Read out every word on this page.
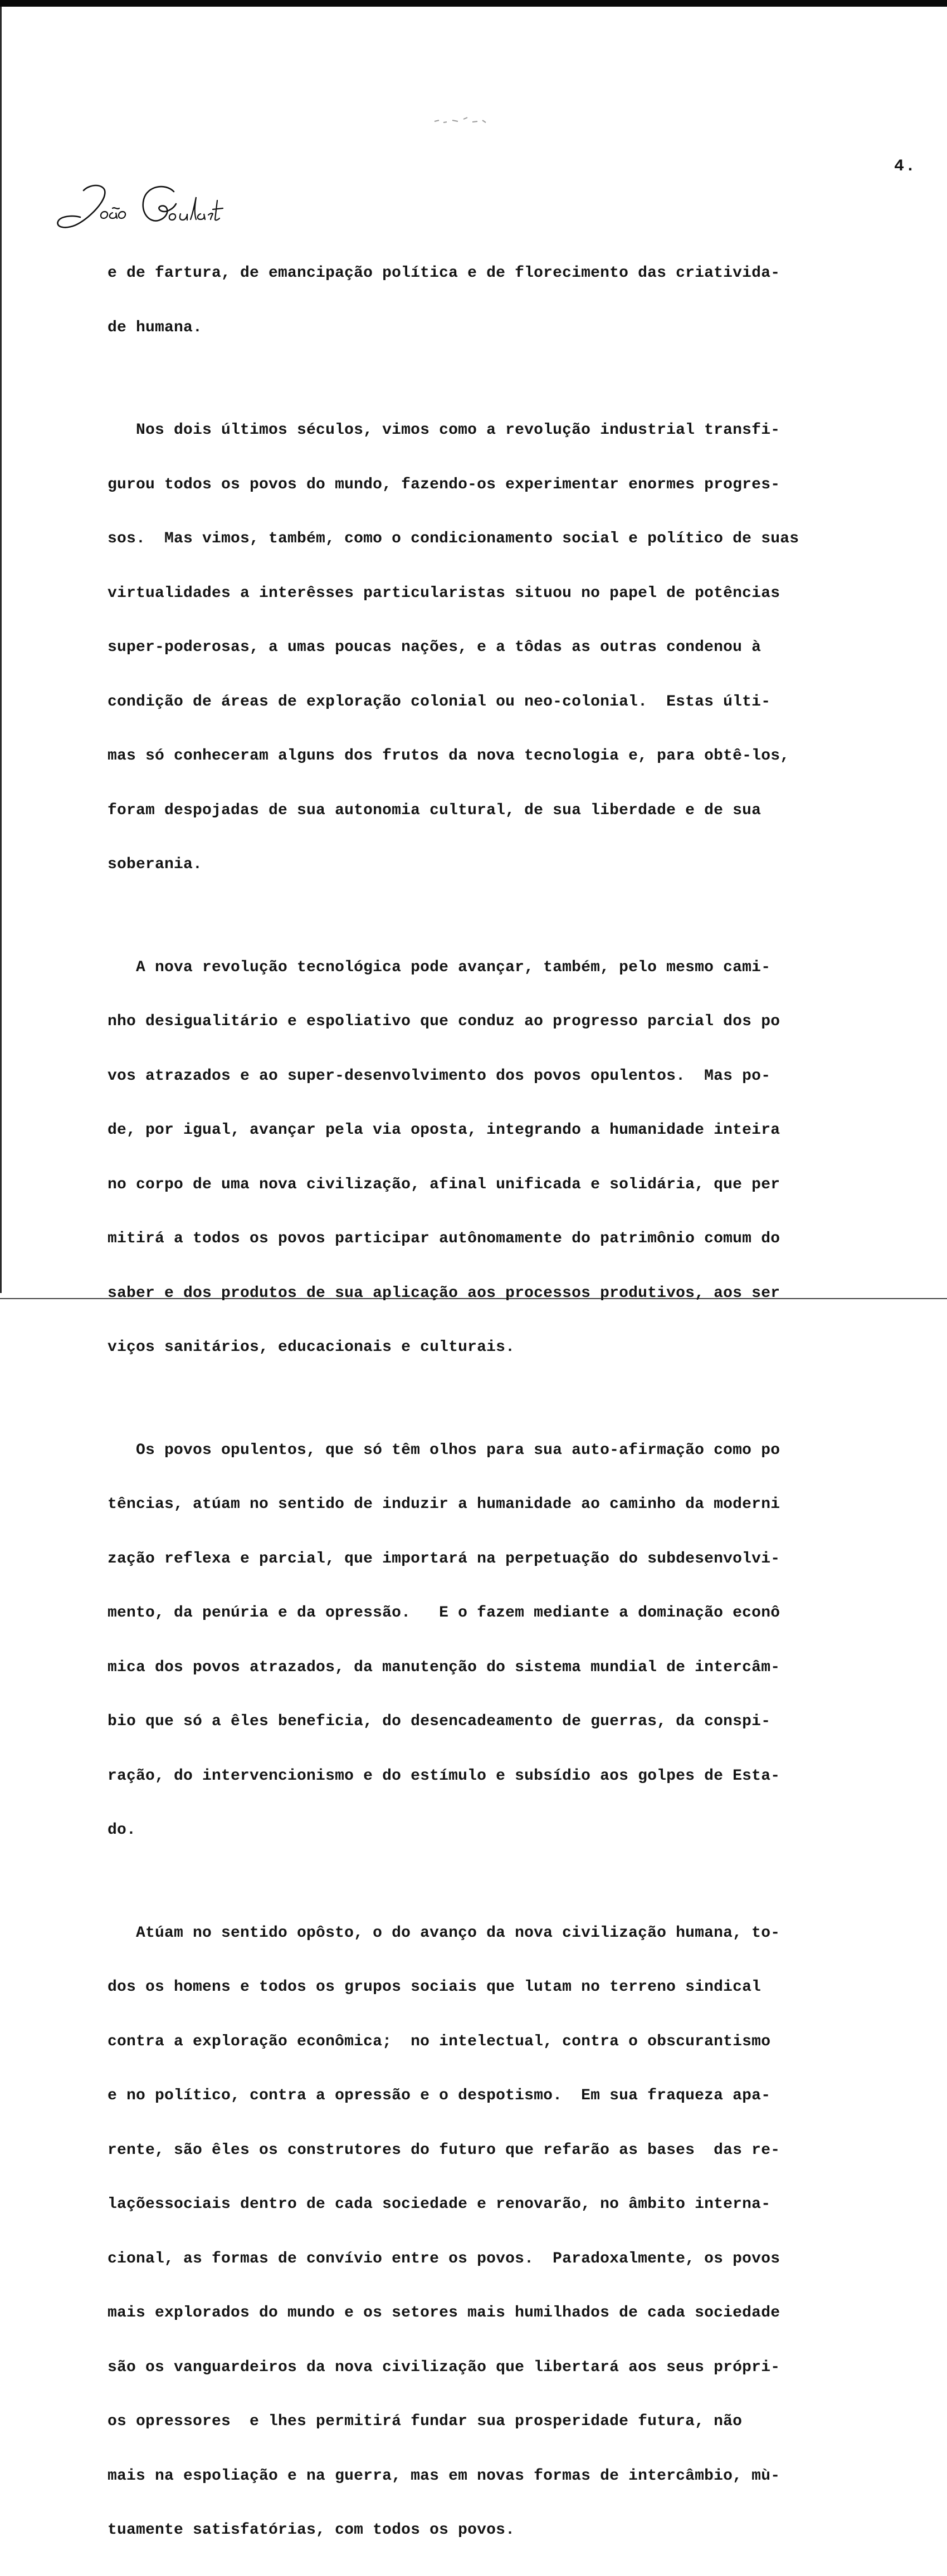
4.

e de fartura, de emancipação política e de florecimento das criativida-

de humana.

Nos dois últimos séculos, vimos como a revolução industrial transfi-

gurou todos os povos do mundo, fazendo-os experimentar enormes progres-

sos.  Mas vimos, também, como o condicionamento social e político de suas

virtualidades a interêsses particularistas situou no papel de potências

super-poderosas, a umas poucas nações, e a tôdas as outras condenou à

condição de áreas de exploração colonial ou neo-colonial.  Estas últi-

mas só conheceram alguns dos frutos da nova tecnologia e, para obtê-los,

foram despojadas de sua autonomia cultural, de sua liberdade e de sua

soberania.

A nova revolução tecnológica pode avançar, também, pelo mesmo cami-

nho desigualitário e espoliativo que conduz ao progresso parcial dos po

vos atrazados e ao super-desenvolvimento dos povos opulentos.  Mas po-

de, por igual, avançar pela via oposta, integrando a humanidade inteira

no corpo de uma nova civilização, afinal unificada e solidária, que per

mitirá a todos os povos participar autônomamente do patrimônio comum do

saber e dos produtos de sua aplicação aos processos produtivos, aos ser

viços sanitários, educacionais e culturais.

Os povos opulentos, que só têm olhos para sua auto-afirmação como po

tências, atúam no sentido de induzir a humanidade ao caminho da moderni

zação reflexa e parcial, que importará na perpetuação do subdesenvolvi-

mento, da penúria e da opressão.   E o fazem mediante a dominação econô

mica dos povos atrazados, da manutenção do sistema mundial de intercâm-

bio que só a êles beneficia, do desencadeamento de guerras, da conspi-

ração, do intervencionismo e do estímulo e subsídio aos golpes de Esta-

do.

Atúam no sentido opôsto, o do avanço da nova civilização humana, to-

dos os homens e todos os grupos sociais que lutam no terreno sindical

contra a exploração econômica;  no intelectual, contra o obscurantismo

e no político, contra a opressão e o despotismo.  Em sua fraqueza apa-

rente, são êles os construtores do futuro que refarão as bases  das re-

laçõessociais dentro de cada sociedade e renovarão, no âmbito interna-

cional, as formas de convívio entre os povos.  Paradoxalmente, os povos

mais explorados do mundo e os setores mais humilhados de cada sociedade

são os vanguardeiros da nova civilização que libertará aos seus própri-

os opressores  e lhes permitirá fundar sua prosperidade futura, não

mais na espoliação e na guerra, mas em novas formas de intercâmbio, mù-

tuamente satisfatórias, com todos os povos.
